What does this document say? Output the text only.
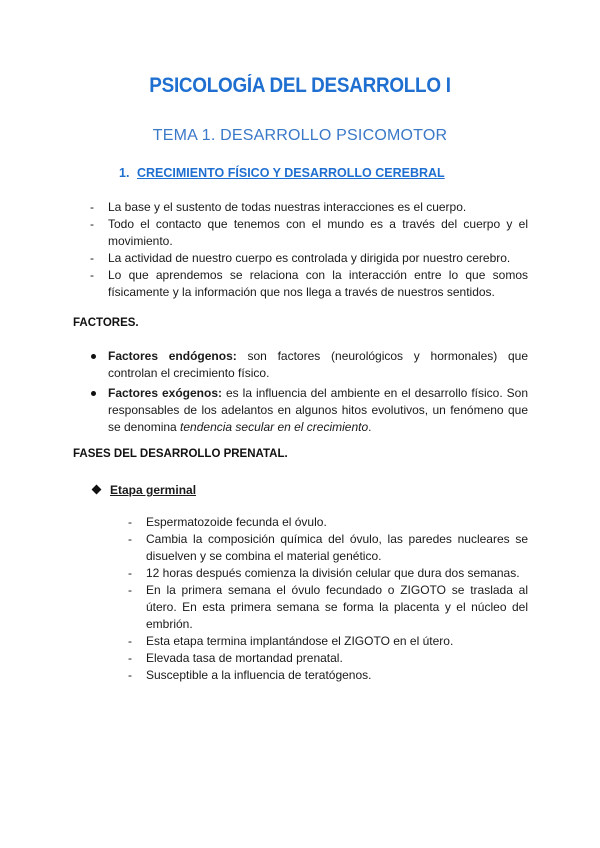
PSICOLOGÍA DEL DESARROLLO I
TEMA 1. DESARROLLO PSICOMOTOR
1. CRECIMIENTO FÍSICO Y DESARROLLO CEREBRAL
- La base y el sustento de todas nuestras interacciones es el cuerpo.
- Todo el contacto que tenemos con el mundo es a través del cuerpo y el movimiento.
- La actividad de nuestro cuerpo es controlada y dirigida por nuestro cerebro.
- Lo que aprendemos se relaciona con la interacción entre lo que somos físicamente y la información que nos llega a través de nuestros sentidos.
FACTORES.
Factores endógenos: son factores (neurológicos y hormonales) que controlan el crecimiento físico.
Factores exógenos: es la influencia del ambiente en el desarrollo físico. Son responsables de los adelantos en algunos hitos evolutivos, un fenómeno que se denomina tendencia secular en el crecimiento.
FASES DEL DESARROLLO PRENATAL.
Etapa germinal
- Espermatozoide fecunda el óvulo.
- Cambia la composición química del óvulo, las paredes nucleares se disuelven y se combina el material genético.
- 12 horas después comienza la división celular que dura dos semanas.
- En la primera semana el óvulo fecundado o ZIGOTO se traslada al útero. En esta primera semana se forma la placenta y el núcleo del embrión.
- Esta etapa termina implantándose el ZIGOTO en el útero.
- Elevada tasa de mortandad prenatal.
- Susceptible a la influencia de teratógenos.
